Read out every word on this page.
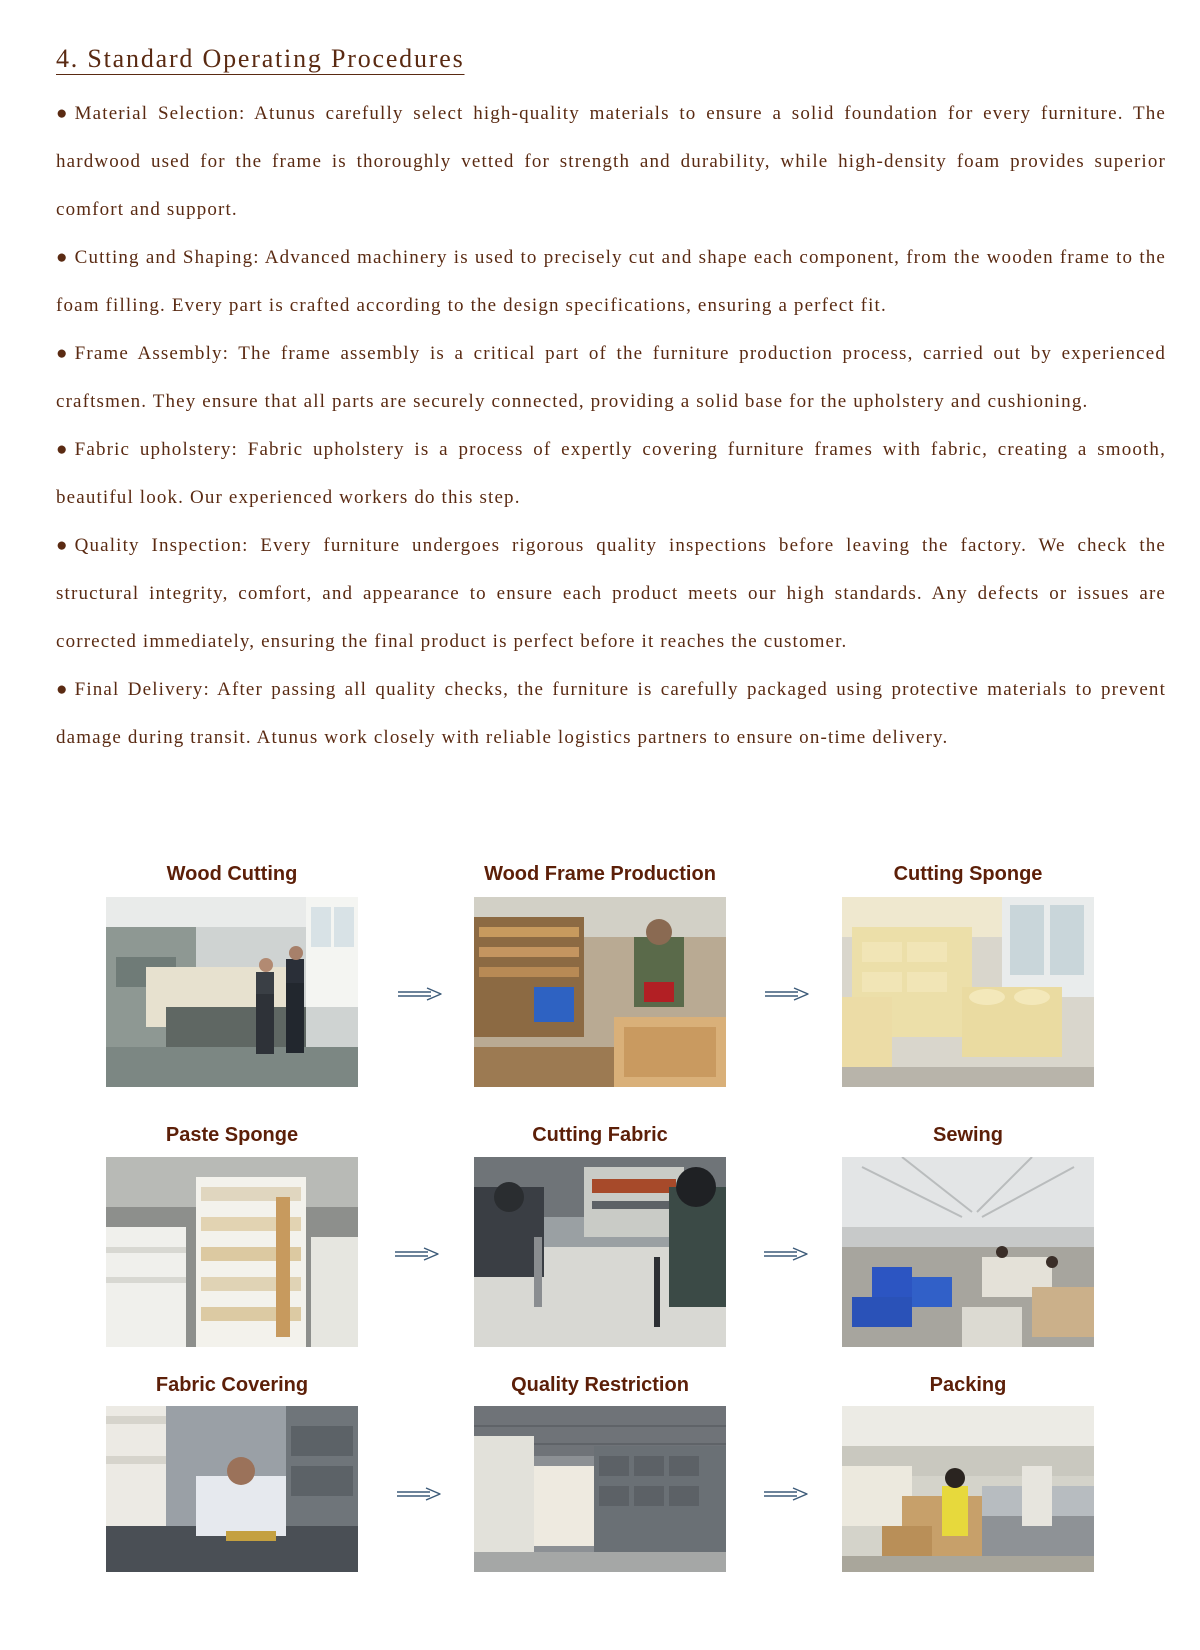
4. Standard Operating Procedures

● Material Selection: Atunus carefully select high-quality materials to ensure a solid foundation for every furniture. The hardwood used for the frame is thoroughly vetted for strength and durability, while high-density foam provides superior comfort and support.

● Cutting and Shaping: Advanced machinery is used to precisely cut and shape each component, from the wooden frame to the foam filling. Every part is crafted according to the design specifications, ensuring a perfect fit.

● Frame Assembly: The frame assembly is a critical part of the furniture production process, carried out by experienced craftsmen. They ensure that all parts are securely connected, providing a solid base for the upholstery and cushioning.

● Fabric upholstery: Fabric upholstery is a process of expertly covering furniture frames with fabric, creating a smooth, beautiful look. Our experienced workers do this step.

● Quality Inspection: Every furniture undergoes rigorous quality inspections before leaving the factory. We check the structural integrity, comfort, and appearance to ensure each product meets our high standards. Any defects or issues are corrected immediately, ensuring the final product is perfect before it reaches the customer.

● Final Delivery: After passing all quality checks, the furniture is carefully packaged using protective materials to prevent damage during transit. Atunus work closely with reliable logistics partners to ensure on-time delivery.

Wood Cutting	Wood Frame Production	Cutting Sponge
Paste Sponge	Cutting Fabric	Sewing
Fabric Covering	Quality Restriction	Packing
